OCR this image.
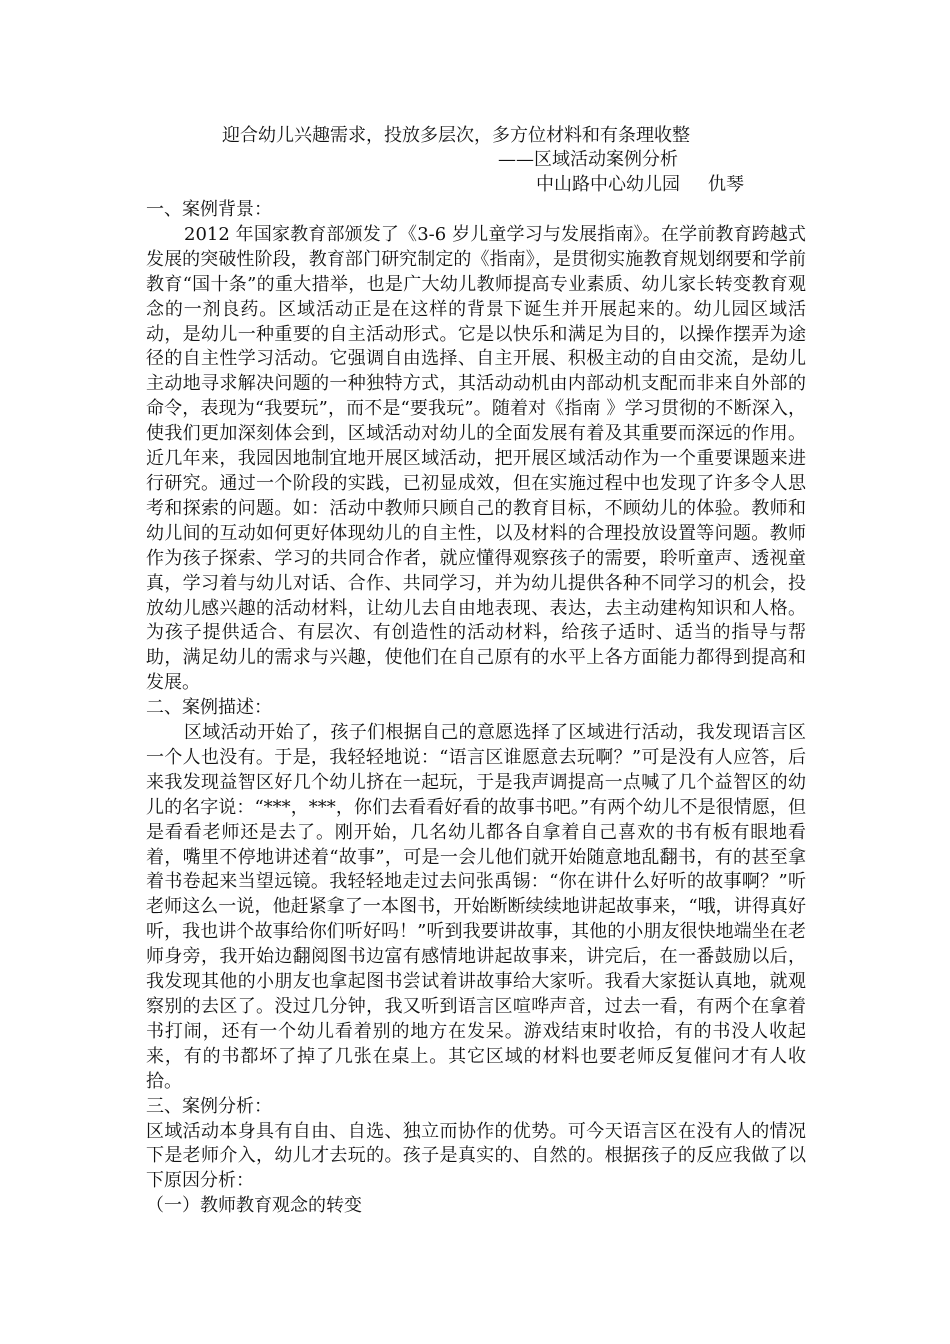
迎合幼儿兴趣需求，投放多层次，多方位材料和有条理收整
——区域活动案例分析
中山路中心幼儿园 仇琴

一、案例背景：

2012 年国家教育部颁发了《3-6 岁儿童学习与发展指南》。在学前教育跨越式发展的突破性阶段，教育部门研究制定的《指南》，是贯彻实施教育规划纲要和学前教育“国十条”的重大措举，也是广大幼儿教师提高专业素质、幼儿家长转变教育观念的一剂良药。区域活动正是在这样的背景下诞生并开展起来的。幼儿园区域活动，是幼儿一种重要的自主活动形式。它是以快乐和满足为目的，以操作摆弄为途径的自主性学习活动。它强调自由选择、自主开展、积极主动的自由交流，是幼儿主动地寻求解决问题的一种独特方式，其活动动机由内部动机支配而非来自外部的命令，表现为“我要玩”，而不是“要我玩”。随着对《指南 》学习贯彻的不断深入，使我们更加深刻体会到，区域活动对幼儿的全面发展有着及其重要而深远的作用。近几年来，我园因地制宜地开展区域活动，把开展区域活动作为一个重要课题来进行研究。通过一个阶段的实践，已初显成效，但在实施过程中也发现了许多令人思考和探索的问题。如：活动中教师只顾自己的教育目标，不顾幼儿的体验。教师和幼儿间的互动如何更好体现幼儿的自主性，以及材料的合理投放设置等问题。教师作为孩子探索、学习的共同合作者，就应懂得观察孩子的需要，聆听童声、透视童真，学习着与幼儿对话、合作、共同学习，并为幼儿提供各种不同学习的机会，投放幼儿感兴趣的活动材料，让幼儿去自由地表现、表达，去主动建构知识和人格。为孩子提供适合、有层次、有创造性的活动材料，给孩子适时、适当的指导与帮助，满足幼儿的需求与兴趣，使他们在自己原有的水平上各方面能力都得到提高和发展。

二、案例描述：

区域活动开始了，孩子们根据自己的意愿选择了区域进行活动，我发现语言区一个人也没有。于是，我轻轻地说：“语言区谁愿意去玩啊？”可是没有人应答，后来我发现益智区好几个幼儿挤在一起玩，于是我声调提高一点喊了几个益智区的幼儿的名字说：“***，***，你们去看看好看的故事书吧。”有两个幼儿不是很情愿，但是看看老师还是去了。刚开始，几名幼儿都各自拿着自己喜欢的书有板有眼地看着，嘴里不停地讲述着“故事”，可是一会儿他们就开始随意地乱翻书，有的甚至拿着书卷起来当望远镜。我轻轻地走过去问张禹锡：“你在讲什么好听的故事啊？”听老师这么一说，他赶紧拿了一本图书，开始断断续续地讲起故事来，“哦，讲得真好听，我也讲个故事给你们听好吗！”听到我要讲故事，其他的小朋友很快地端坐在老师身旁，我开始边翻阅图书边富有感情地讲起故事来，讲完后，在一番鼓励以后，我发现其他的小朋友也拿起图书尝试着讲故事给大家听。我看大家挺认真地，就观察别的去区了。没过几分钟，我又听到语言区喧哗声音，过去一看，有两个在拿着书打闹，还有一个幼儿看着别的地方在发呆。游戏结束时收拾，有的书没人收起来，有的书都坏了掉了几张在桌上。其它区域的材料也要老师反复催问才有人收拾。

三、案例分析：

区域活动本身具有自由、自选、独立而协作的优势。可今天语言区在没有人的情况下是老师介入，幼儿才去玩的。孩子是真实的、自然的。根据孩子的反应我做了以下原因分析：

（一）教师教育观念的转变
